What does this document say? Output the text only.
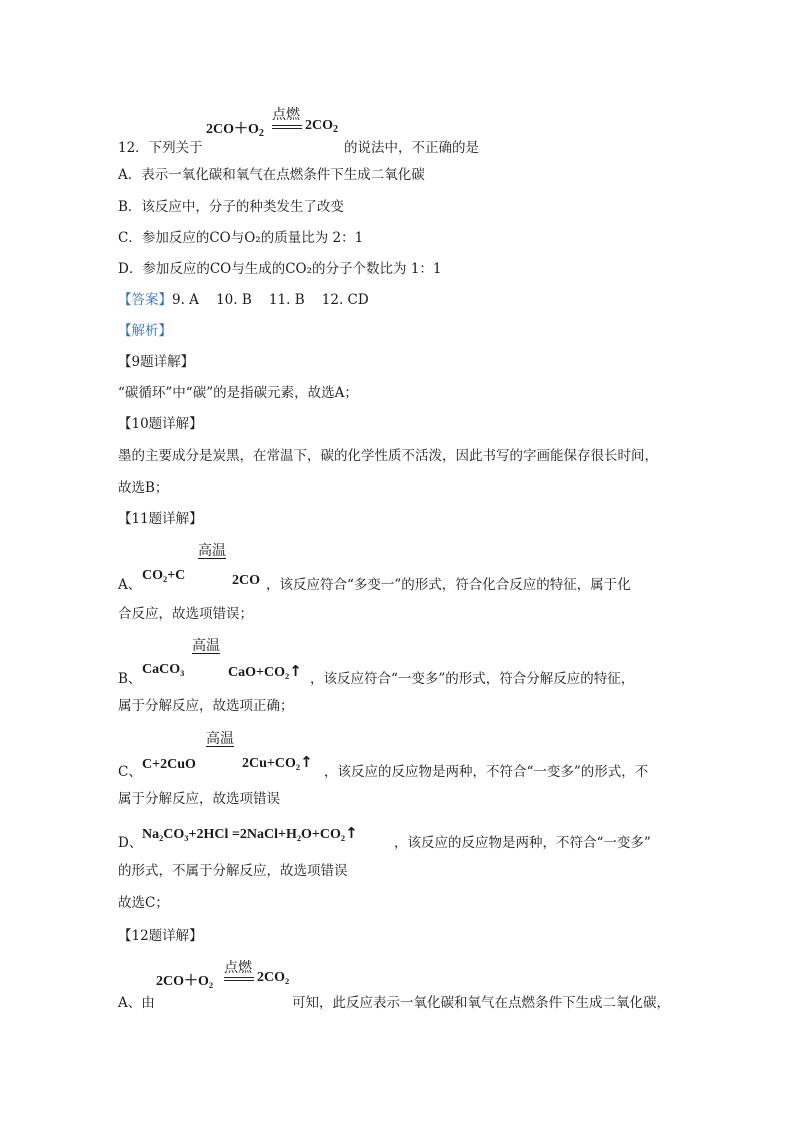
点燃
$2CO+O_2$
$2CO_2$
12．下列关于	的说法中，不正确的是
A．表示一氧化碳和氧气在点燃条件下生成二氧化碳
B．该反应中，分子的种类发生了改变
C．参加反应的CO与O₂的质量比为 2：1
D．参加反应的CO与生成的CO₂的分子个数比为 1：1
【答案】9. A    10. B    11. B    12. CD
【解析】
【9题详解】
“碳循环”中“碳”的是指碳元素，故选A；
【10题详解】
墨的主要成分是炭黑，在常温下，碳的化学性质不活泼，因此书写的字画能保存很长时间，
故选B；
【11题详解】
高温
A、
CO₂+C	2CO ，该反应符合“多变一”的形式，符合化合反应的特征，属于化
合反应，故选项错误；
高温
B、
CaCO₃	CaO+CO₂↑ ，该反应符合“一变多”的形式，符合分解反应的特征，
属于分解反应，故选项正确；
高温
C、 C+2CuO	2Cu+CO₂↑
，该反应的反应物是两种，不符合“一变多”的形式，不
属于分解反应，故选项错误
D、
Na₂CO₃+2HCl =2NaCl+H₂O+CO₂↑
，该反应的反应物是两种，不符合“一变多”
的形式，不属于分解反应，故选项错误
故选C；
【12题详解】
点燃
2CO＋O₂	2CO₂
A、由	可知，此反应表示一氧化碳和氧气在点燃条件下生成二氧化碳，
